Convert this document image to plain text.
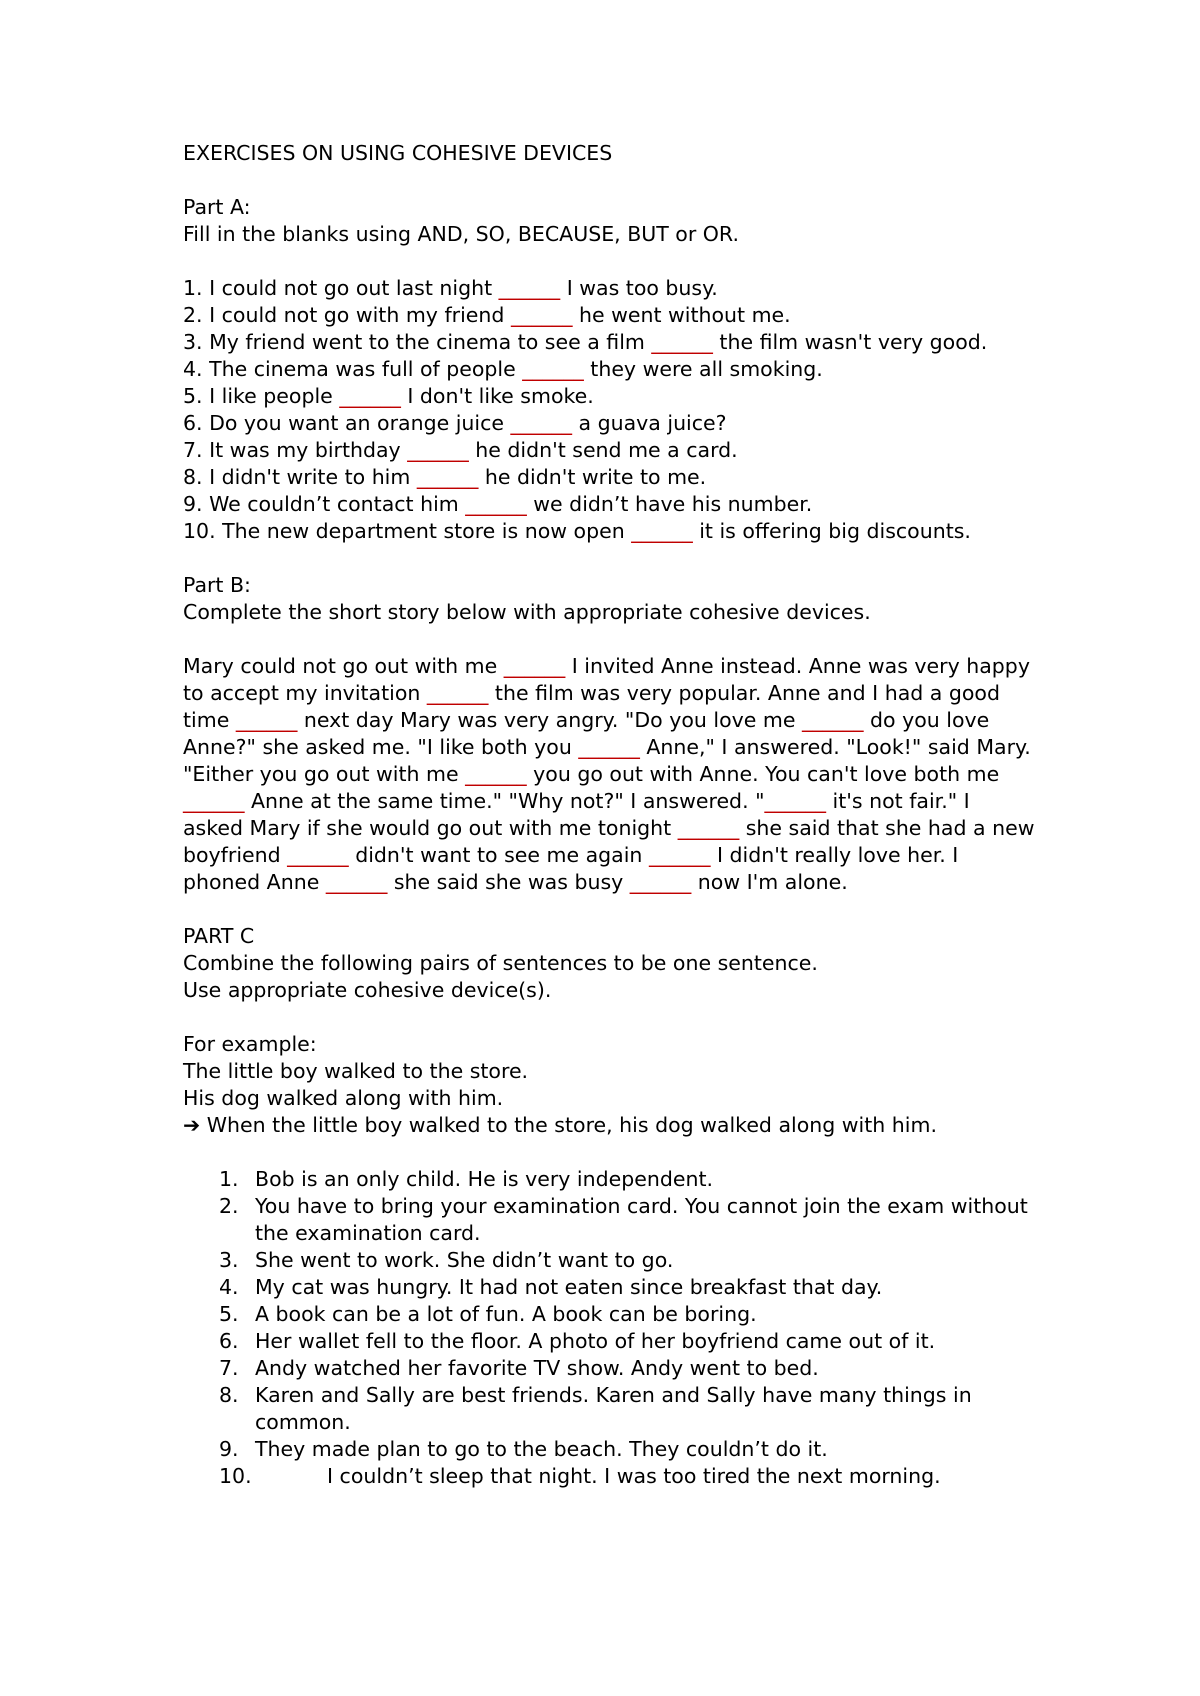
EXERCISES ON USING COHESIVE DEVICES
Part A:
Fill in the blanks using AND, SO, BECAUSE, BUT or OR.
1. I could not go out last night ______ I was too busy.
2. I could not go with my friend ______ he went without me.
3. My friend went to the cinema to see a film ______ the film wasn't very good.
4. The cinema was full of people ______ they were all smoking.
5. I like people ______ I don't like smoke.
6. Do you want an orange juice ______ a guava juice?
7. It was my birthday ______ he didn't send me a card.
8. I didn't write to him ______ he didn't write to me.
9. We couldn’t contact him ______ we didn’t have his number.
10. The new department store is now open ______ it is offering big discounts.
Part B:
Complete the short story below with appropriate cohesive devices.
Mary could not go out with me ______ I invited Anne instead. Anne was very happy
to accept my invitation ______ the film was very popular. Anne and I had a good
time ______ next day Mary was very angry. "Do you love me ______ do you love
Anne?" she asked me. "I like both you ______ Anne," I answered. "Look!" said Mary.
"Either you go out with me ______ you go out with Anne. You can't love both me
______ Anne at the same time." "Why not?" I answered. "______ it's not fair." I
asked Mary if she would go out with me tonight ______ she said that she had a new
boyfriend ______ didn't want to see me again ______ I didn't really love her. I
phoned Anne ______ she said she was busy ______ now I'm alone.
PART C
Combine the following pairs of sentences to be one sentence.
Use appropriate cohesive device(s).
For example:
The little boy walked to the store.
His dog walked along with him.
➔ When the little boy walked to the store, his dog walked along with him.
1. Bob is an only child. He is very independent.
2. You have to bring your examination card. You cannot join the exam without the examination card.
3. She went to work. She didn’t want to go.
4. My cat was hungry. It had not eaten since breakfast that day.
5. A book can be a lot of fun. A book can be boring.
6. Her wallet fell to the floor. A photo of her boyfriend came out of it.
7. Andy watched her favorite TV show. Andy went to bed.
8. Karen and Sally are best friends. Karen and Sally have many things in common.
9. They made plan to go to the beach. They couldn’t do it.
10.	I couldn’t sleep that night. I was too tired the next morning.
